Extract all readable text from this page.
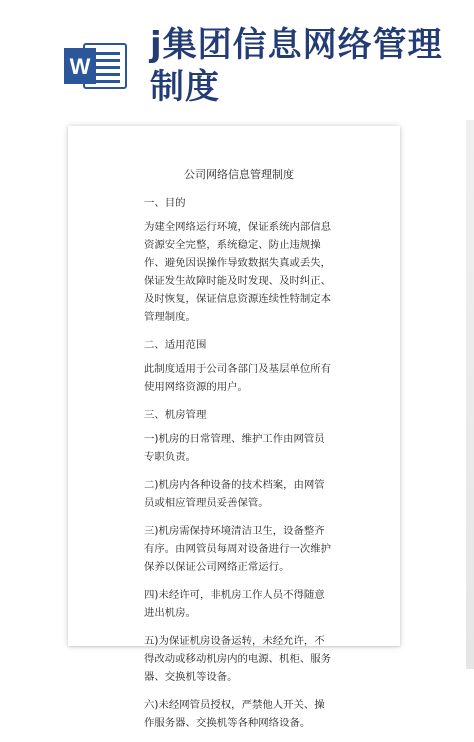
W
j集团信息网络管理制度
公司网络信息管理制度
一、目的
为建全网络运行环境，保证系统内部信息资源安全完整，系统稳定、防止违规操作、避免因误操作导致数据失真或丢失，保证发生故障时能及时发现、及时纠正、及时恢复，保证信息资源连续性特制定本管理制度。
二、适用范围
此制度适用于公司各部门及基层单位所有使用网络资源的用户。
三、机房管理
一)机房的日常管理、维护工作由网管员专职负责。
二)机房内各种设备的技术档案，由网管员或相应管理员妥善保管。
三)机房需保持环境清洁卫生，设备整齐有序。由网管员每周对设备进行一次维护保养以保证公司网络正常运行。
四)未经许可，非机房工作人员不得随意进出机房。
五)为保证机房设备运转，未经允许，不得改动或移动机房内的电源、机柜、服务器、交换机等设备。
六)未经网管员授权，严禁他人开关、操作服务器、交换机等各种网络设备。
